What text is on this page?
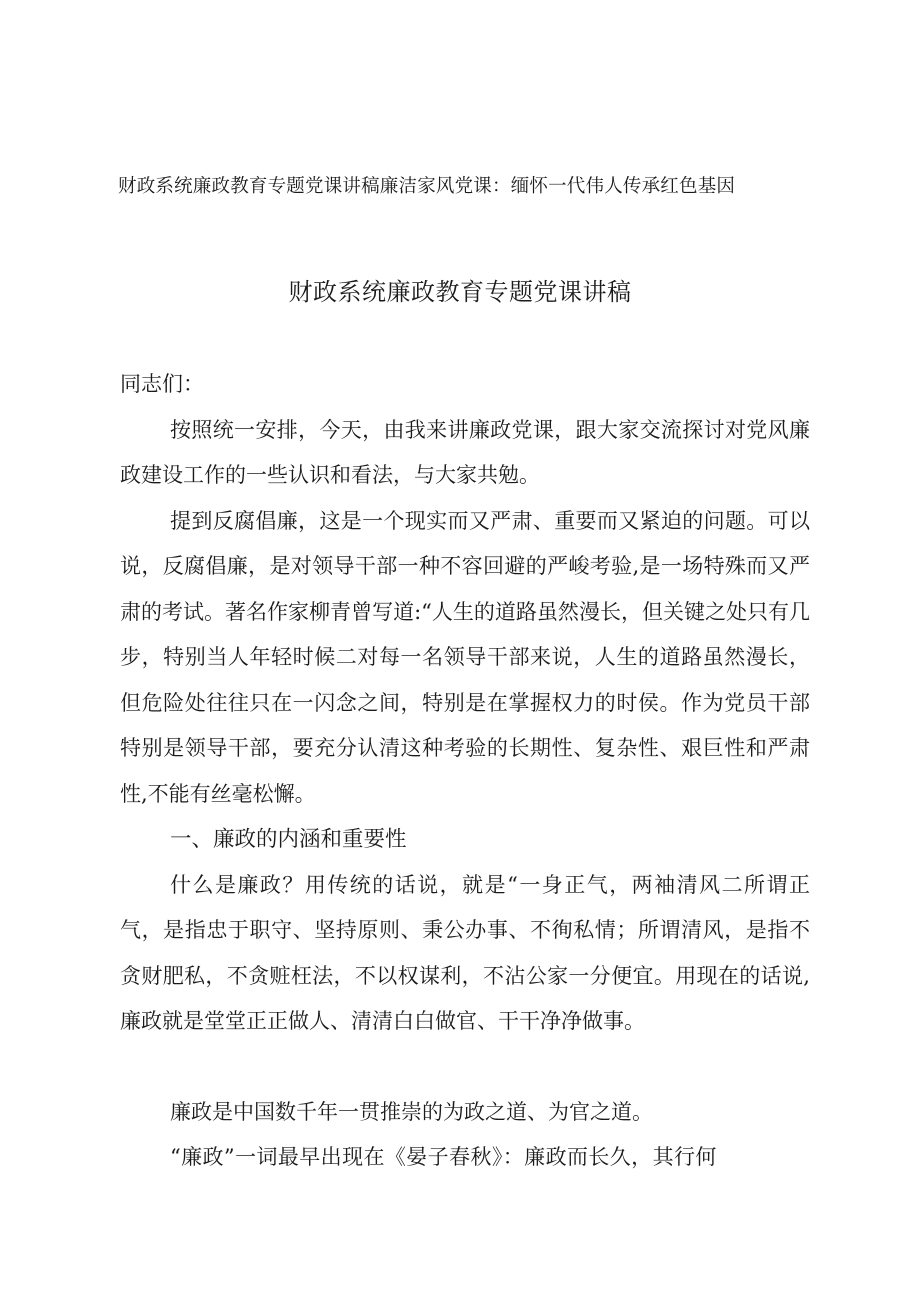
财政系统廉政教育专题党课讲稿廉洁家风党课：缅怀一代伟人传承红色基因
财政系统廉政教育专题党课讲稿

同志们：

按照统一安排，今天，由我来讲廉政党课，跟大家交流探讨对党风廉政建设工作的一些认识和看法，与大家共勉。

提到反腐倡廉，这是一个现实而又严肃、重要而又紧迫的问题。可以说，反腐倡廉，是对领导干部一种不容回避的严峻考验,是一场特殊而又严肃的考试。著名作家柳青曾写道:“人生的道路虽然漫长，但关键之处只有几步，特别当人年轻时候二对每一名领导干部来说，人生的道路虽然漫长，但危险处往往只在一闪念之间，特别是在掌握权力的时侯。作为党员干部特别是领导干部，要充分认清这种考验的长期性、复杂性、艰巨性和严肃性,不能有丝毫松懈。

一、廉政的内涵和重要性

什么是廉政？用传统的话说，就是“一身正气，两袖清风二所谓正气，是指忠于职守、坚持原则、秉公办事、不徇私情；所谓清风，是指不贪财肥私，不贪赃枉法，不以权谋利，不沾公家一分便宜。用现在的话说,廉政就是堂堂正正做人、清清白白做官、干干净净做事。

廉政是中国数千年一贯推崇的为政之道、为官之道。

“廉政”一词最早出现在《晏子春秋》：廉政而长久，其行何
